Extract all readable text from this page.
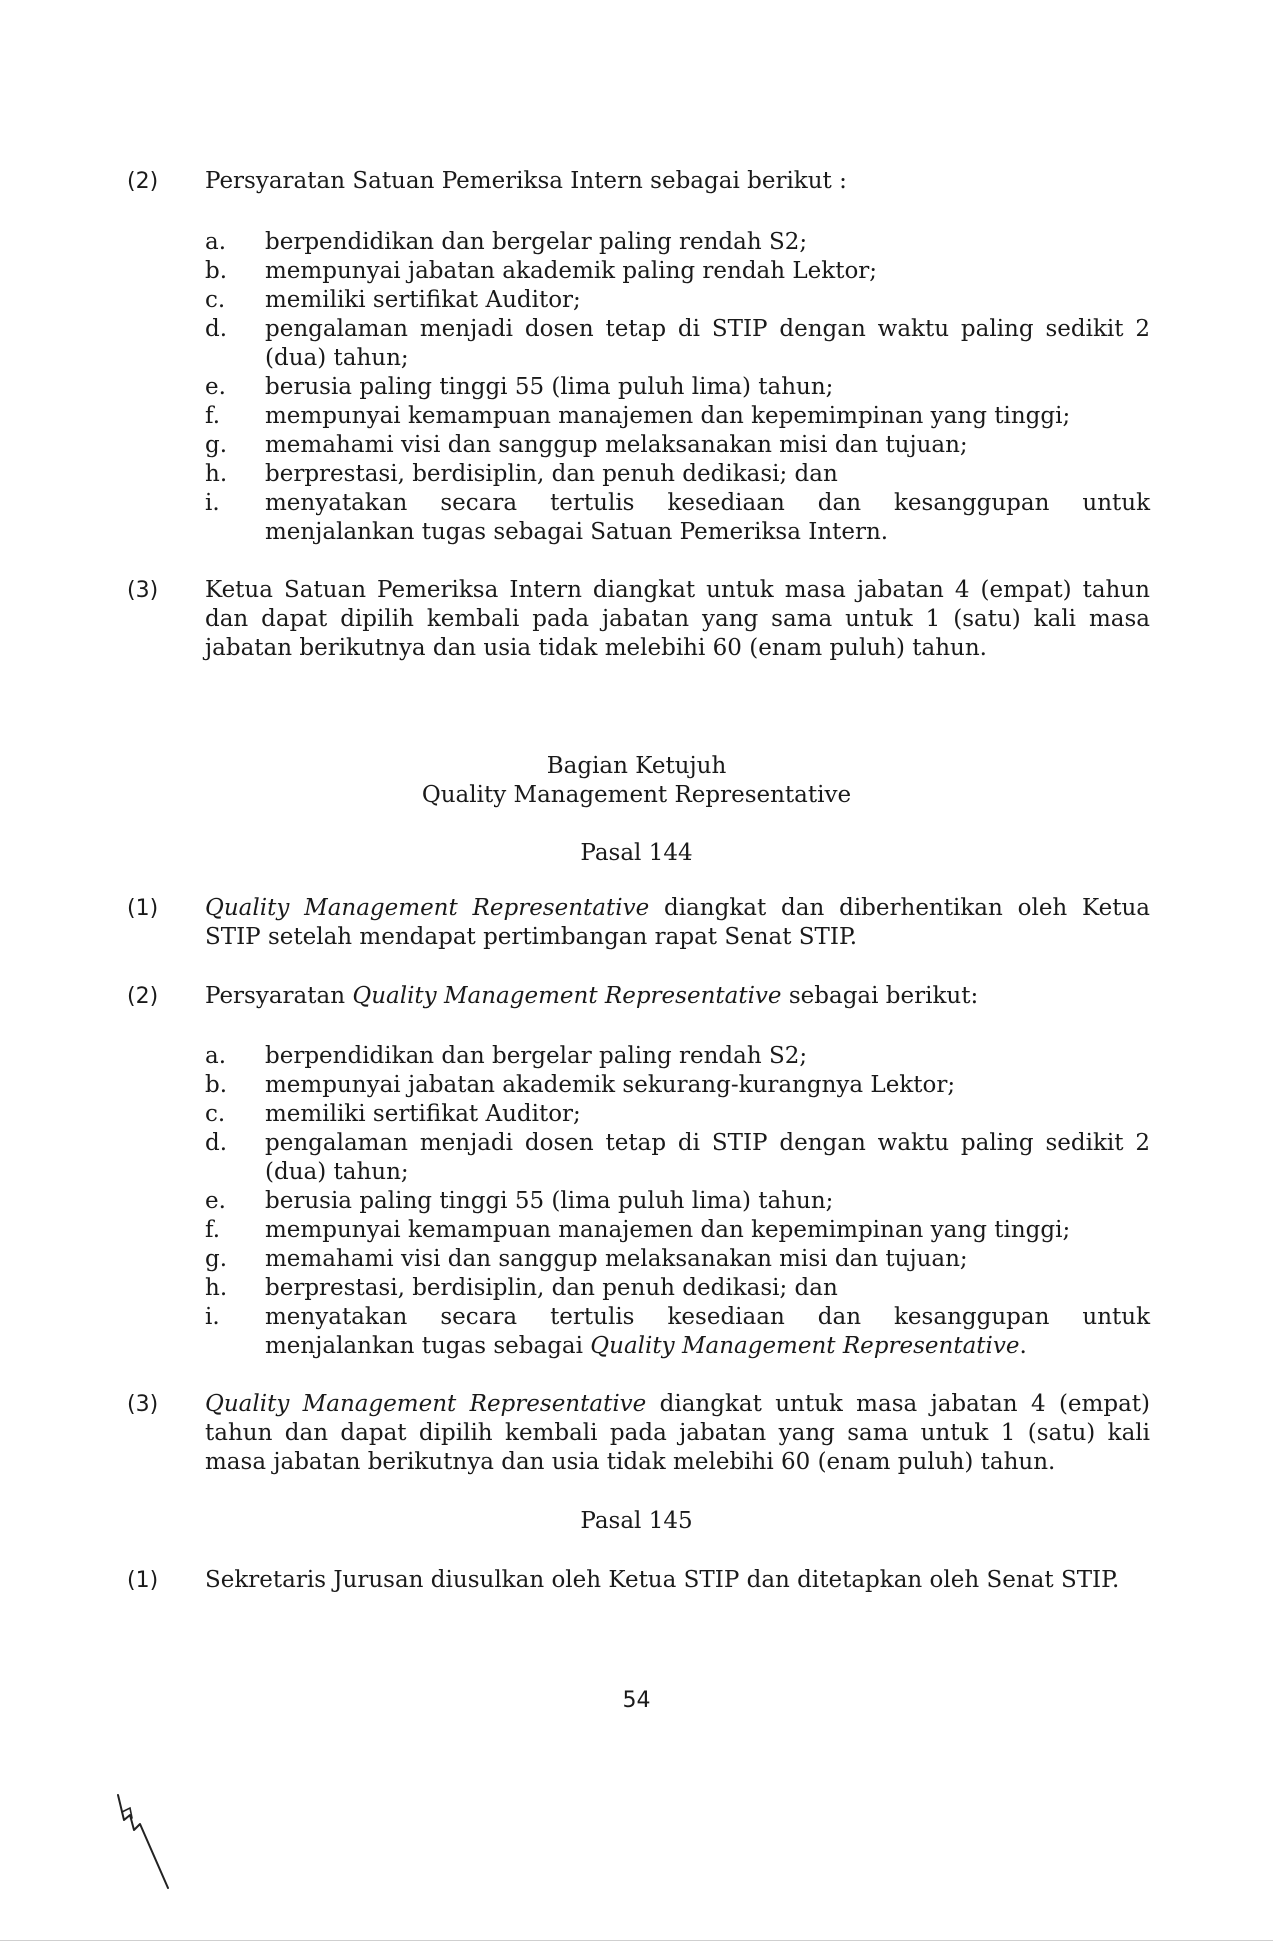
(2) Persyaratan Satuan Pemeriksa Intern sebagai berikut :
a.	berpendidikan dan bergelar paling rendah S2;
b.	mempunyai jabatan akademik paling rendah Lektor;
c.	memiliki sertifikat Auditor;
d.	pengalaman menjadi dosen tetap di STIP dengan waktu paling sedikit 2 (dua) tahun;
e.	berusia paling tinggi 55 (lima puluh lima) tahun;
f.	mempunyai kemampuan manajemen dan kepemimpinan yang tinggi;
g.	memahami visi dan sanggup melaksanakan misi dan tujuan;
h.	berprestasi, berdisiplin, dan penuh dedikasi; dan
i.	menyatakan secara tertulis kesediaan dan kesanggupan untuk menjalankan tugas sebagai Satuan Pemeriksa Intern.
(3) Ketua Satuan Pemeriksa Intern diangkat untuk masa jabatan 4 (empat) tahun dan dapat dipilih kembali pada jabatan yang sama untuk 1 (satu) kali masa jabatan berikutnya dan usia tidak melebihi 60 (enam puluh) tahun.
Bagian Ketujuh
Quality Management Representative
Pasal 144
(1) Quality Management Representative diangkat dan diberhentikan oleh Ketua STIP setelah mendapat pertimbangan rapat Senat STIP.
(2) Persyaratan Quality Management Representative sebagai berikut:
a.	berpendidikan dan bergelar paling rendah S2;
b.	mempunyai jabatan akademik sekurang-kurangnya Lektor;
c.	memiliki sertifikat Auditor;
d.	pengalaman menjadi dosen tetap di STIP dengan waktu paling sedikit 2 (dua) tahun;
e.	berusia paling tinggi 55 (lima puluh lima) tahun;
f.	mempunyai kemampuan manajemen dan kepemimpinan yang tinggi;
g.	memahami visi dan sanggup melaksanakan misi dan tujuan;
h.	berprestasi, berdisiplin, dan penuh dedikasi; dan
i.	menyatakan secara tertulis kesediaan dan kesanggupan untuk menjalankan tugas sebagai Quality Management Representative.
(3) Quality Management Representative diangkat untuk masa jabatan 4 (empat) tahun dan dapat dipilih kembali pada jabatan yang sama untuk 1 (satu) kali masa jabatan berikutnya dan usia tidak melebihi 60 (enam puluh) tahun.
Pasal 145
(1) Sekretaris Jurusan diusulkan oleh Ketua STIP dan ditetapkan oleh Senat STIP.
54
